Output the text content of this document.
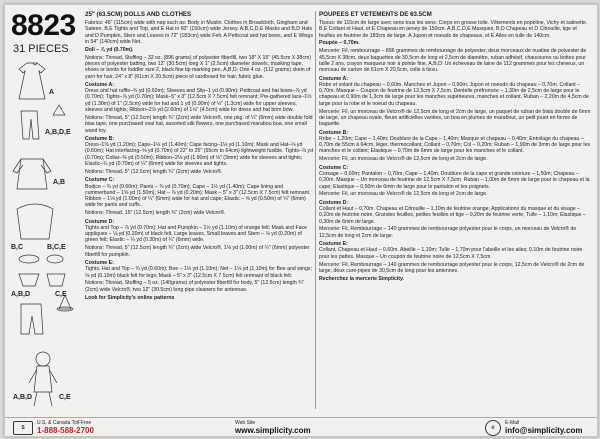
8823
31 PIECES
A
A,B,D,E
A,B
B,C	B,C,E
A,B,D	C,E
A,B,D	C,E
25" (63.5CM) DOLLS AND CLOTHES

Fabrics: 45" (115cm) wide with nap such as: Body in Muslin. Clothes in Broadcloth, Gingham and Sateen. B,E Tights and Top, and E Hat in 60" (150cm) wide Jersey. A,B,C,D,E Masks and B,D Hats and D Pumpkin, Stem and Leaves in 72" (183cm) wide Felt. A Petticoat and hat bows, and E Wings in 54" (140cm) wide Net.

Doll – ⅞ yd (0.70m).

Notions: Thread, Stuffing – 32 oz. (896 grams) of polyester fiberfill, two 18" X 15" (45.5cm X 38cm) pieces of polyester batting, two 12" (30.5cm) long X 1" (2.5cm) diameter dowels, masking tape, shoes or boots for toddler size 2, black fine tip marking pen. A,B,D: One 4 oz. (112 grams) skein of yarn for hair, 24" x 8" (61cm X 20.5cm) piece of cardboard for hair, fabric glue.

Costume A:

Dress and hat ruffle–¾ yd (0.60m); Sleeves and Slip–1 yd (0.90m); Petticoat and hat bows–⅞ yd (0.70m); Tights–⅞ yd (0.70m); Mask–5" x 3" (12.5cm X 7.5cm) felt remnant; Pre-gathered lace–1½ yd (1.30m) of 1" (2.5cm) wide for hat and 1 yd (0.90m) of ½" (1.3cm) wide for upper sleeves, sleeves and tights; Ribbon–2⅞ yd (2.60m) of 1⅛" (4.5cm) wide for dress and hat brim bow.

Notions: Thread, 5" (12.5cm) length ¾" (2cm) wide Velcro®, one pkg. of ¼" (6mm) wide double fold bias tape, one purchased oval hat, assorted silk flowers, one purchased marabou boa, one small wand toy.

Costume B:

Dress–1⅝ yd (1.20m); Cape–1⅛ yd (1.40m); Cape facing–1⅛ yd (1.10m); Mask and Hat–⅛ yd (0.60m); Hat interfacing–⅝ yd (0.70m) of 22" to 25" (55cm to 64cm) lightweight fusible. Tights–⅞ yd (0.70m); Collar–⅜ yd (0.50m); Ribbon–2⅛ yd (1.90m) of ⅛" (3mm) wide for sleeves and tights; Elastic–¾ yd (0.70m) of ¼" (6mm) wide for sleeves and tights.

Notions: Thread, 5" (12.5cm) length ¾" (2cm) wide Velcro®.

Costume C:

Bodice – ¾ yd (0.60m); Pants – ⅞ yd (0.70m); Cape – 1½ yd (1.40m); Cape lining and cummerbund – 1⅝ yd (1.50m); Hat – ⅞ yd (0.20m); Mask – 5" x 3" (12.5cm X 7.5cm) felt remnant. Ribbon – 1⅛ yd (1.00m) of ¼" (6mm) wide for hat and cape; Elastic – ⅝ yd (0.50m) of ¼" (6mm) wide for pants and cuffs.

Notions: Thread, 15" (12.5cm) length ¾" (2cm) wide Velcro®.

Costume D:

Tights and Top – ⅞ yd (0.70m); Hat and Pumpkin – 1½ yd (1.10m) of orange felt; Mask and Face appliques – ⅛ yd (0.20m) of black felt, Large leaves, Small leaves and Stem – ⅛ yd (0.20m) of green felt; Elastic – ¼ yd (0.30m) of ¼" (6mm) wide.

Notions: Thread, 5" (12.5cm) length ¾" (2cm) wide Velcro®, 1⅛ yd (1.00m) of ¼" (6mm) polyester fiberfill for pumpkin.

Costume E:

Tights, Hat and Top – ¾ yd (0.60m); Bee – 1⅛ yd (1.10m); Net – 1⅛ yd (1.10m) for Bee and wings; ⅛ yd (0.10m) black felt for legs; Mask – 5" x 3" (12.5cm X 7.5cm) felt remnant of black felt.

Notions: Thread, Stuffing – 5 oz. (140grams) of polyester fiberfill for body, 5" (12.5cm) length ¾" (2cm) wide Velcro®, two 12" (30.5cm) long pipe cleaners for antennae.

Look for Simplicity's online patterns

POUPEES ET VETEMENTS DE 63.5CM

Tissus: de 115cm de large avec sens tous les sens: Corps en grosse toile. Vêtements en popeline, Vichy et satinette. B,E Collant et Haut, et E Chapeau en jersey de 150cm. A,B,C,D,E Masques, B,D Chapeau et D Citrouille, tige et feuilles en feutrine de 183cm de large. A Jupon et noeuds de chapeaux, et E Ailes en tulle de 140cm.

Poupée – 0,70m.

Mercerie: Fil, rembourrage – 896 grammes de rembourrage de polyester, deux morceaux de ouatine de polyester de 45,5cm X 38cm, deux baguettes de 30,5cm de long et 2,5cm de diamètre, ruban adhésif, chaussures ou bottes pour taille 2 ans, crayon marqueur noir à pointe fine. A,B,D: Un écheveau de laine de 112 grammes pour les cheveux, un morceau de carton de 61cm X 20,5cm, colle à tissu.

Costume A:

Robe et volant du chapeau – 0,60m. Manches et Jupon – 0,90m; Jupon et noeuds du chapeau – 0,70m. Collant – 0,70m. Masque – Coupon de feutrine de 12,5cm X 7,5cm. Dentelle préfroncée – 1,30m de 2,5cm de large pour le chapeau et 0,90m de 1,3cm de large pour les manches supérieures, manches et collant. Ruban – 2,20m de 4,5cm de large pour la robe et le noeud du chapeau.

Mercerie: Fil, un morceau de Velcro® de 12,5cm de long et 2cm de large, un paquet de ruban de biais double de 6mm de large, un chapeau ovale, fleurs artificielles variées, un boa en plumes de marabout, un petit jouet en forme de baguette.

Costume B:

Robe – 1,20m; Cape – 1,40m; Doublure de la Cape – 1,40m; Masque et chapeau – 0,40m; Entoilage du chapeau – 0,70m de 55cm à 64cm, léger, thermocollant; Collant – 0,70m; Col – 0,20m; Ruban – 1,90m de 3mm de large pour les manches et le collant; Elastique – 0,70m de 6mm de large pour les manches et le collant.

Mercerie: Fil, un morceau de Velcro® de 12,5cm de long et 2cm de large.

Costume C:

Corsage – 0,60m; Pantalon – 0,70m; Cape – 1,40m; Doublure de la cape et grande ceinture – 1,50m; Chapeau – 0,20m. Masque – Un morceau de feutrine de 12,5cm X 7,5cm. Ruban – 1,00m de 6mm de large pour le chapeau et la cape; Elastique – 0,50m de 6mm de large pour le pantalon et les poignets.

Mercerie: Fil, un morceau de Velcro® de 12,5cm de long et 2cm de large.

Costume D:

Collant et Haut – 0,70m. Chapeau et Citrouille – 1,10m de feutrine orange; Applications du masque et du visage – 0,20m de feutrine noire, Grandes feuilles, petites feuilles et tige – 0,20m de feutrine verte; Tulle – 1,10m; Elastique – 0,30m de 6mm de large.

Mercerie: Fil, Rembourrage – 140 grammes de rembourrage polyester pour le corps, un morceau de Velcro® de 12,5cm de long et 2cm de large.

Costume E:

Collant, Chapeau et Haut – 0,60m. Abeille – 1,10m; Tulle – 1,70m pour l'abeille et les ailes; 0,10m de feutrine noire pour les pattes. Masque – Un coupon de feutrine noire de 12,5cm X 7,5cm.

Mercerie: Fil, Rembourrage – 140 grammes de rembourrage polyester pour le corps, 12,5cm de Velcro® de 2cm de large, deux cure-pipes de 30,5cm de long pour les antennes.

Recherchez la mercerie Simplicity.

S
U.S. & Canada Toll-Free
1-888-588-2700
Web Site
www.simplicity.com	e
E-Mail
info@simplicity.com
